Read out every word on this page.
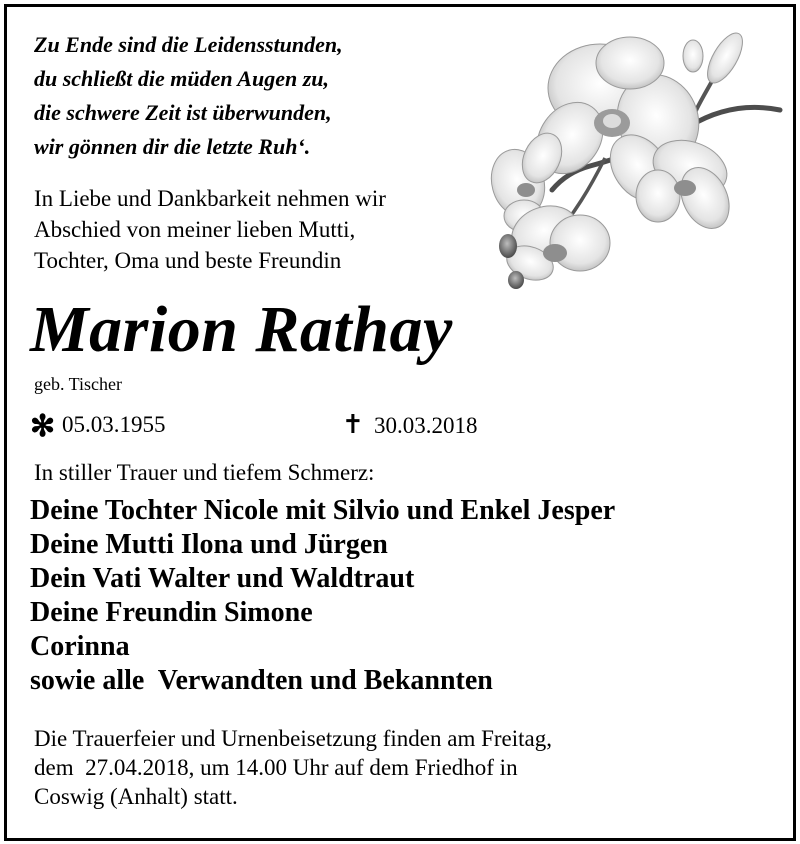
Zu Ende sind die Leidensstunden,
du schließt die müden Augen zu,
die schwere Zeit ist überwunden,
wir gönnen dir die letzte Ruh‘.
In Liebe und Dankbarkeit nehmen wir
Abschied von meiner lieben Mutti,
Tochter, Oma und beste Freundin
Marion Rathay
geb. Tischer
✻ 05.03.1955	✝ 30.03.2018
In stiller Trauer und tiefem Schmerz:
Deine Tochter Nicole mit Silvio und Enkel Jesper
Deine Mutti Ilona und Jürgen
Dein Vati Walter und Waldtraut
Deine Freundin Simone
Corinna
sowie alle  Verwandten und Bekannten
Die Trauerfeier und Urnenbeisetzung finden am Freitag,
dem  27.04.2018, um 14.00 Uhr auf dem Friedhof in
Coswig (Anhalt) statt.
